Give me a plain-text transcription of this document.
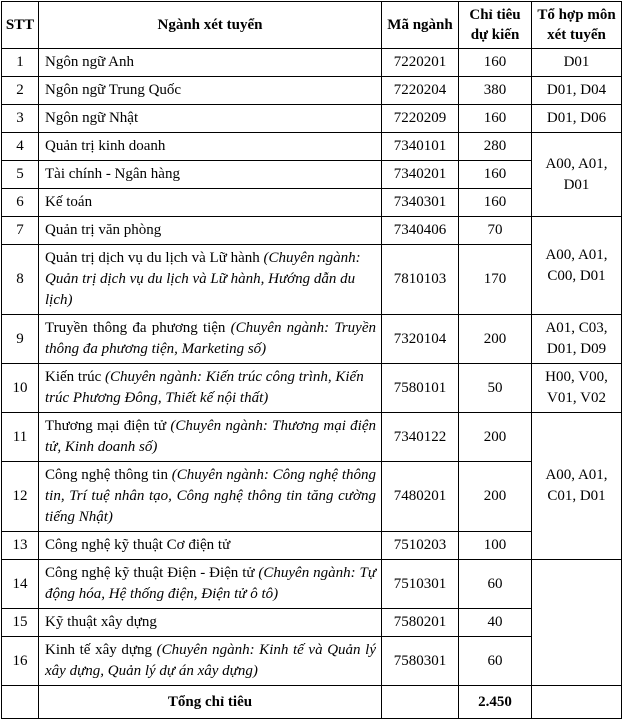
STT	Ngành xét tuyển	Mã ngành	Chỉ tiêu dự kiến	Tổ hợp môn xét tuyển
1	Ngôn ngữ Anh	7220201	160	D01
2	Ngôn ngữ Trung Quốc	7220204	380	D01, D04
3	Ngôn ngữ Nhật	7220209	160	D01, D06
4	Quản trị kinh doanh	7340101	280	A00, A01, D01
5	Tài chính - Ngân hàng	7340201	160	
6	Kế toán	7340301	160	
7	Quản trị văn phòng	7340406	70	A00, A01, C00, D01
8	Quản trị dịch vụ du lịch và Lữ hành (Chuyên ngành: Quản trị dịch vụ du lịch và Lữ hành, Hướng dẫn du lịch)	7810103	170	
9	Truyền thông đa phương tiện (Chuyên ngành: Truyền thông đa phương tiện, Marketing số)	7320104	200	A01, C03, D01, D09
10	Kiến trúc (Chuyên ngành: Kiến trúc công trình, Kiến trúc Phương Đông, Thiết kế nội thất)	7580101	50	H00, V00, V01, V02
11	Thương mại điện tử (Chuyên ngành: Thương mại điện tử, Kinh doanh số)	7340122	200	A00, A01, C01, D01
12	Công nghệ thông tin (Chuyên ngành: Công nghệ thông tin, Trí tuệ nhân tạo, Công nghệ thông tin tăng cường tiếng Nhật)	7480201	200	
13	Công nghệ kỹ thuật Cơ điện tử	7510203	100	
14	Công nghệ kỹ thuật Điện - Điện tử (Chuyên ngành: Tự động hóa, Hệ thống điện, Điện tử ô tô)	7510301	60	
15	Kỹ thuật xây dựng	7580201	40	
16	Kinh tế xây dựng (Chuyên ngành: Kinh tế và Quản lý xây dựng, Quản lý dự án xây dựng)	7580301	60	
	Tổng chỉ tiêu		2.450	
